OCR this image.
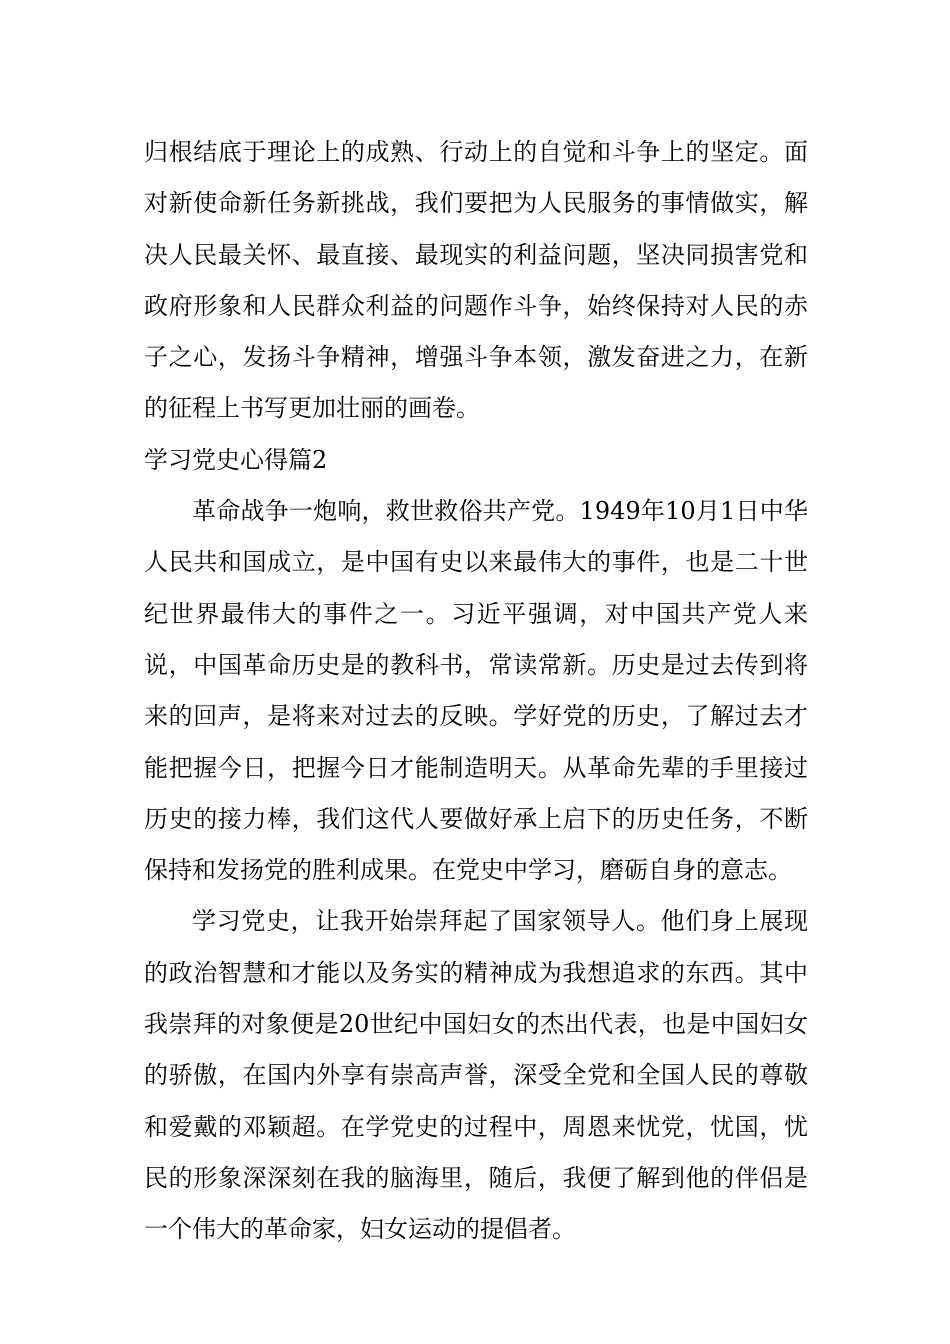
归根结底于理论上的成熟、行动上的自觉和斗争上的坚定。面对新使命新任务新挑战，我们要把为人民服务的事情做实，解决人民最关怀、最直接、最现实的利益问题，坚决同损害党和政府形象和人民群众利益的问题作斗争，始终保持对人民的赤子之心，发扬斗争精神，增强斗争本领，激发奋进之力，在新的征程上书写更加壮丽的画卷。

学习党史心得篇2

革命战争一炮响，救世救俗共产党。1949年10月1日中华人民共和国成立，是中国有史以来最伟大的事件，也是二十世纪世界最伟大的事件之一。习近平强调，对中国共产党人来说，中国革命历史是的教科书，常读常新。历史是过去传到将来的回声，是将来对过去的反映。学好党的历史，了解过去才能把握今日，把握今日才能制造明天。从革命先辈的手里接过历史的接力棒，我们这代人要做好承上启下的历史任务，不断保持和发扬党的胜利成果。在党史中学习，磨砺自身的意志。

学习党史，让我开始崇拜起了国家领导人。他们身上展现的政治智慧和才能以及务实的精神成为我想追求的东西。其中我崇拜的对象便是20世纪中国妇女的杰出代表，也是中国妇女的骄傲，在国内外享有崇高声誉，深受全党和全国人民的尊敬和爱戴的邓颖超。在学党史的过程中，周恩来忧党，忧国，忧民的形象深深刻在我的脑海里，随后，我便了解到他的伴侣是一个伟大的革命家，妇女运动的提倡者。
